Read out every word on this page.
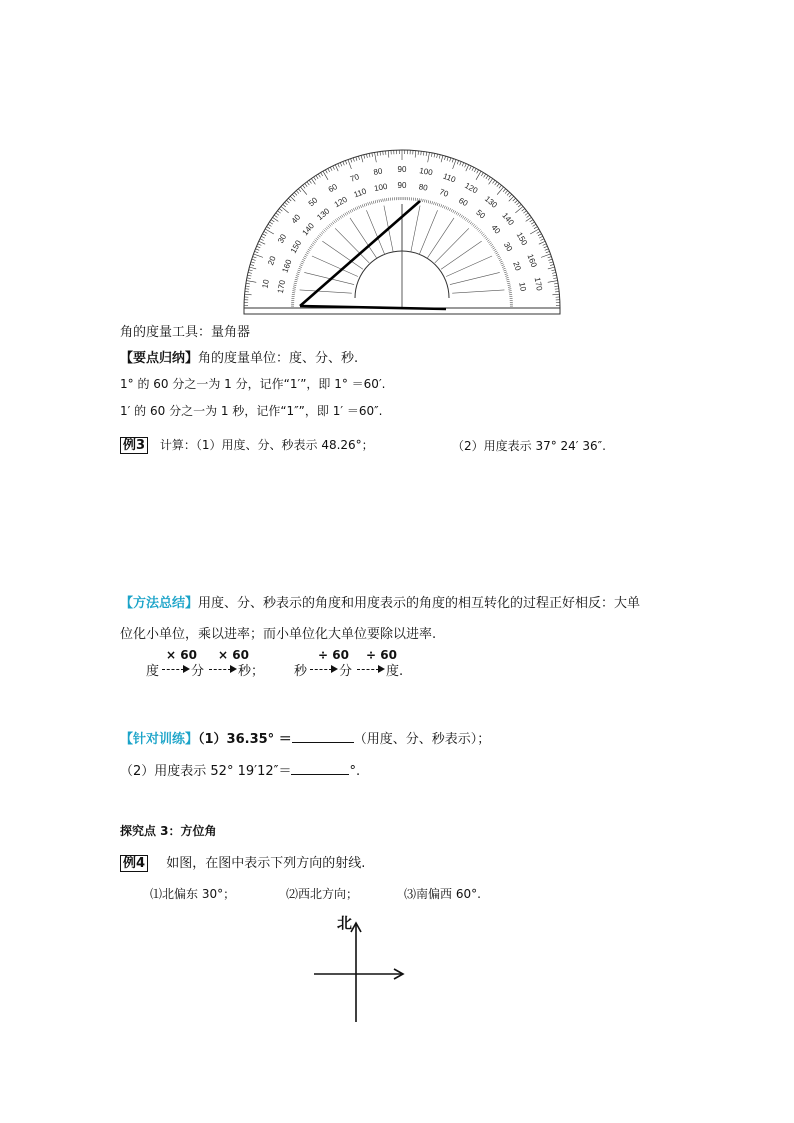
10 170
20 160
30 150
40
140
50
130
60
120
70
110
80
100
90
90
100
80
110
70 120
60 130
50 140
40
150
30
160
20
170
10
角的度量工具：量角器
【要点归纳】角的度量单位：度、分、秒.
1° 的 60 分之一为 1 分，记作“1′”，即 1° ＝60′.
1′ 的 60 分之一为 1 秒，记作“1″”，即 1′ ＝60″.
例3 计算：（1）用度、分、秒表示 48.26°；	（2）用度表示 37° 24′ 36″.
【方法总结】用度、分、秒表示的角度和用度表示的角度的相互转化的过程正好相反：大单
位化小单位，乘以进率；而小单位化大单位要除以进率.
度
× 60
分
× 60
秒； 秒
÷ 60
分
÷ 60
度.
【针对训练】（1）36.35° ＝	（用度、分、秒表示）；
（2）用度表示 52° 19′12″＝	°.
探究点 3：方位角
例4 如图，在图中表示下列方向的射线.
⑴北偏东 30°；	⑵西北方向；	⑶南偏西 60°.
北
